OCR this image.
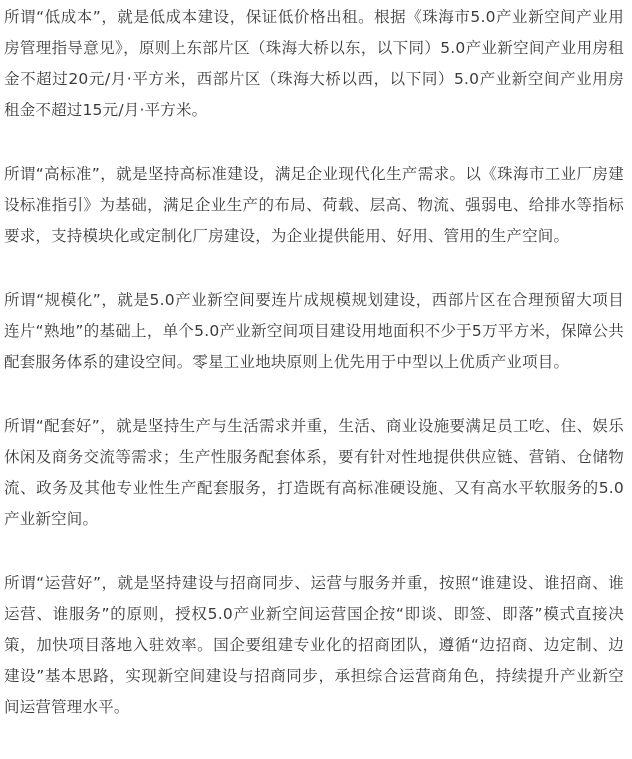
所谓“低成本”，就是低成本建设，保证低价格出租。根据《珠海市5.0产业新空间产业用房管理指导意见》，原则上东部片区（珠海大桥以东，以下同）5.0产业新空间产业用房租金不超过20元/月·平方米，西部片区（珠海大桥以西，以下同）5.0产业新空间产业用房租金不超过15元/月·平方米。

所谓“高标准”，就是坚持高标准建设，满足企业现代化生产需求。以《珠海市工业厂房建设标准指引》为基础，满足企业生产的布局、荷载、层高、物流、强弱电、给排水等指标要求，支持模块化或定制化厂房建设，为企业提供能用、好用、管用的生产空间。

所谓“规模化”，就是5.0产业新空间要连片成规模规划建设，西部片区在合理预留大项目连片“熟地”的基础上，单个5.0产业新空间项目建设用地面积不少于5万平方米，保障公共配套服务体系的建设空间。零星工业地块原则上优先用于中型以上优质产业项目。

所谓“配套好”，就是坚持生产与生活需求并重，生活、商业设施要满足员工吃、住、娱乐休闲及商务交流等需求；生产性服务配套体系，要有针对性地提供供应链、营销、仓储物流、政务及其他专业性生产配套服务，打造既有高标准硬设施、又有高水平软服务的5.0产业新空间。

所谓“运营好”，就是坚持建设与招商同步、运营与服务并重，按照“谁建设、谁招商、谁运营、谁服务”的原则，授权5.0产业新空间运营国企按“即谈、即签、即落”模式直接决策，加快项目落地入驻效率。国企要组建专业化的招商团队，遵循“边招商、边定制、边建设”基本思路，实现新空间建设与招商同步，承担综合运营商角色，持续提升产业新空间运营管理水平。
